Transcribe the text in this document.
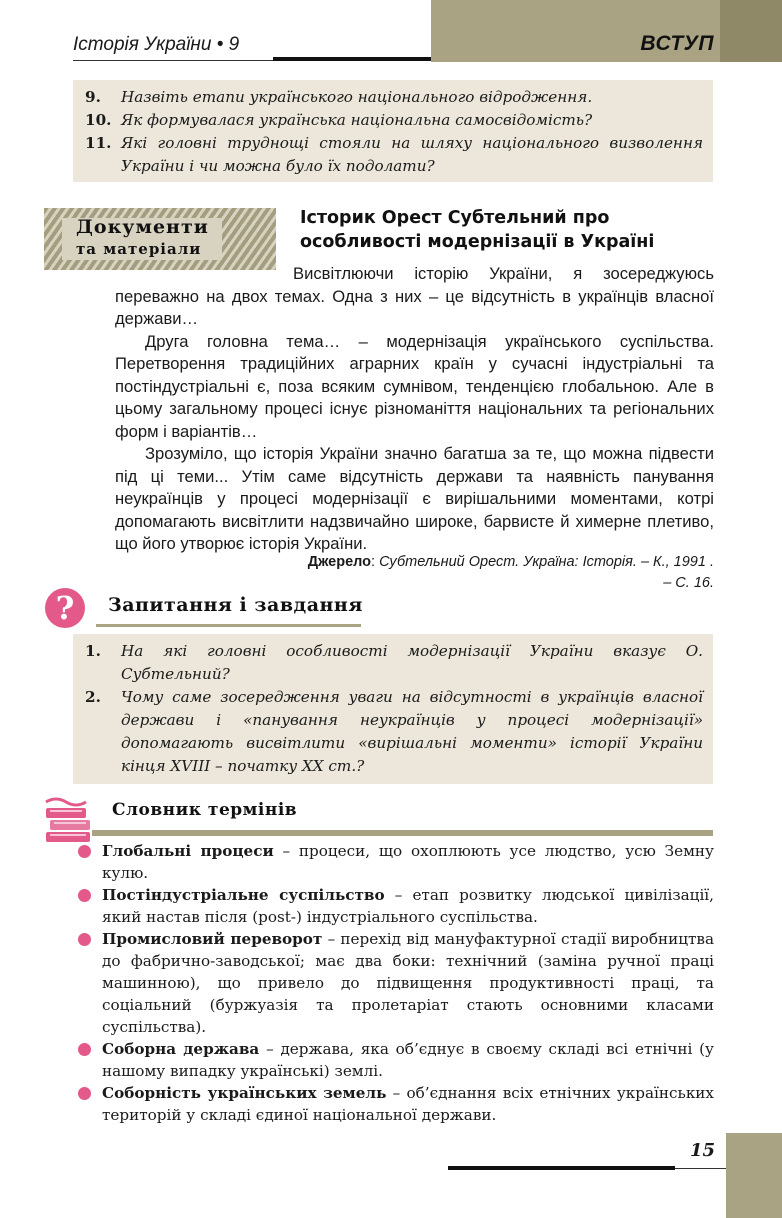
Історія України • 9	ВСТУП
9. Назвіть етапи українського національного відродження.
10. Як формувалася українська національна самосвідомість?
11. Які головні труднощі стояли на шляху національного визволення України і чи можна було їх подолати?
Документи
та матеріали
Історик Орест Субтельний про особливості модернізації в Україні

Висвітлюючи історію України, я зосереджуюсь переважно на двох темах. Одна з них – це відсутність в українців власної держави…

Друга головна тема… – модернізація українського суспільства. Перетворення традиційних аграрних країн у сучасні індустріальні та постіндустріальні є, поза всяким сумнівом, тенденцією глобальною. Але в цьому загальному процесі існує різноманіття національних та регіональних форм і варіантів…

Зрозуміло, що історія України значно багатша за те, що можна підвести під ці теми... Утім саме відсутність держави та наявність панування неукраїнців у процесі модернізації є вирішальними моментами, котрі допомагають висвітлити надзвичайно широке, барвисте й химерне плетиво, що його утворює історія України.

Джерело: Субтельний Орест. Україна: Історія. – К., 1991 . – С. 16.
?	Запитання і завдання
1. На які головні особливості модернізації України вказує О. Субтельний?
2. Чому саме зосередження уваги на відсутності в українців власної держави і «панування неукраїнців у процесі модернізації» допомагають висвітлити «вирішальні моменти» історії України кінця XVIII – початку XX ст.?
Словник термінів
Глобальні процеси – процеси, що охоплюють усе людство, усю Земну кулю.
Постіндустріальне суспільство – етап розвитку людської цивілізації, який настав після (post-) індустріального суспільства.
Промисловий переворот – перехід від мануфактурної стадії виробництва до фабрично-заводської; має два боки: технічний (заміна ручної праці машинною), що привело до підвищення продуктивності праці, та соціальний (буржуазія та пролетаріат стають основними класами суспільства).
Соборна держава – держава, яка об’єднує в своєму складі всі етнічні (у нашому випадку українські) землі.
Соборність українських земель – об’єднання всіх етнічних українських територій у складі єдиної національної держави.
15
